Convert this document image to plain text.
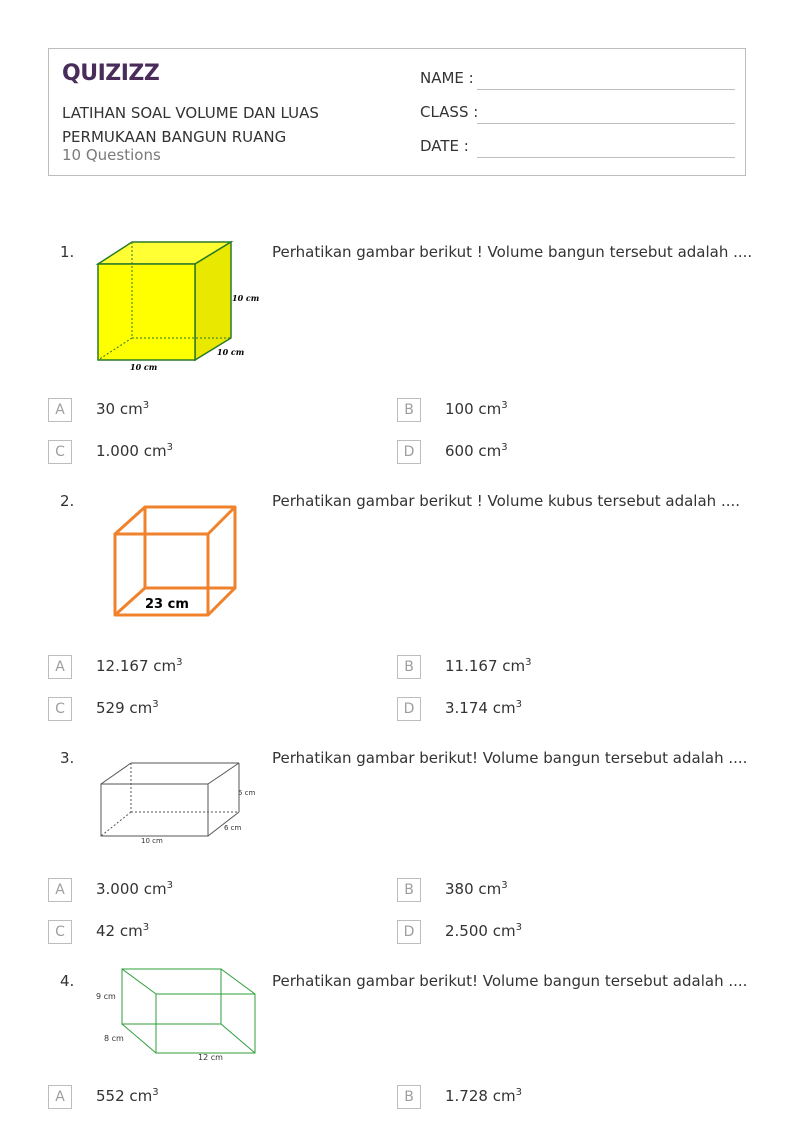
QUIZIZZ
LATIHAN SOAL VOLUME DAN LUAS PERMUKAAN BANGUN RUANG
10 Questions
NAME :
CLASS :
DATE :
1.	Perhatikan gambar berikut ! Volume bangun tersebut adalah ....
10 cm
10 cm
10 cm
A	30 $cm^3$	B	100 $cm^3$
C	1.000 $cm^3$	D	600 $cm^3$
2.	Perhatikan gambar berikut ! Volume kubus tersebut adalah ....
23 cm
A	12.167 $cm^3$	B	11.167 $cm^3$
C	529 $cm^3$	D	3.174 $cm^3$
3.	Perhatikan gambar berikut! Volume bangun tersebut adalah ....
5 cm
6 cm
10 cm
A	3.000 $cm^3$	B	380 $cm^3$
C	42 $cm^3$	D	2.500 $cm^3$
4.	Perhatikan gambar berikut! Volume bangun tersebut adalah ....
9 cm
8 cm
12 cm
A	552 $cm^3$	B	1.728 $cm^3$
